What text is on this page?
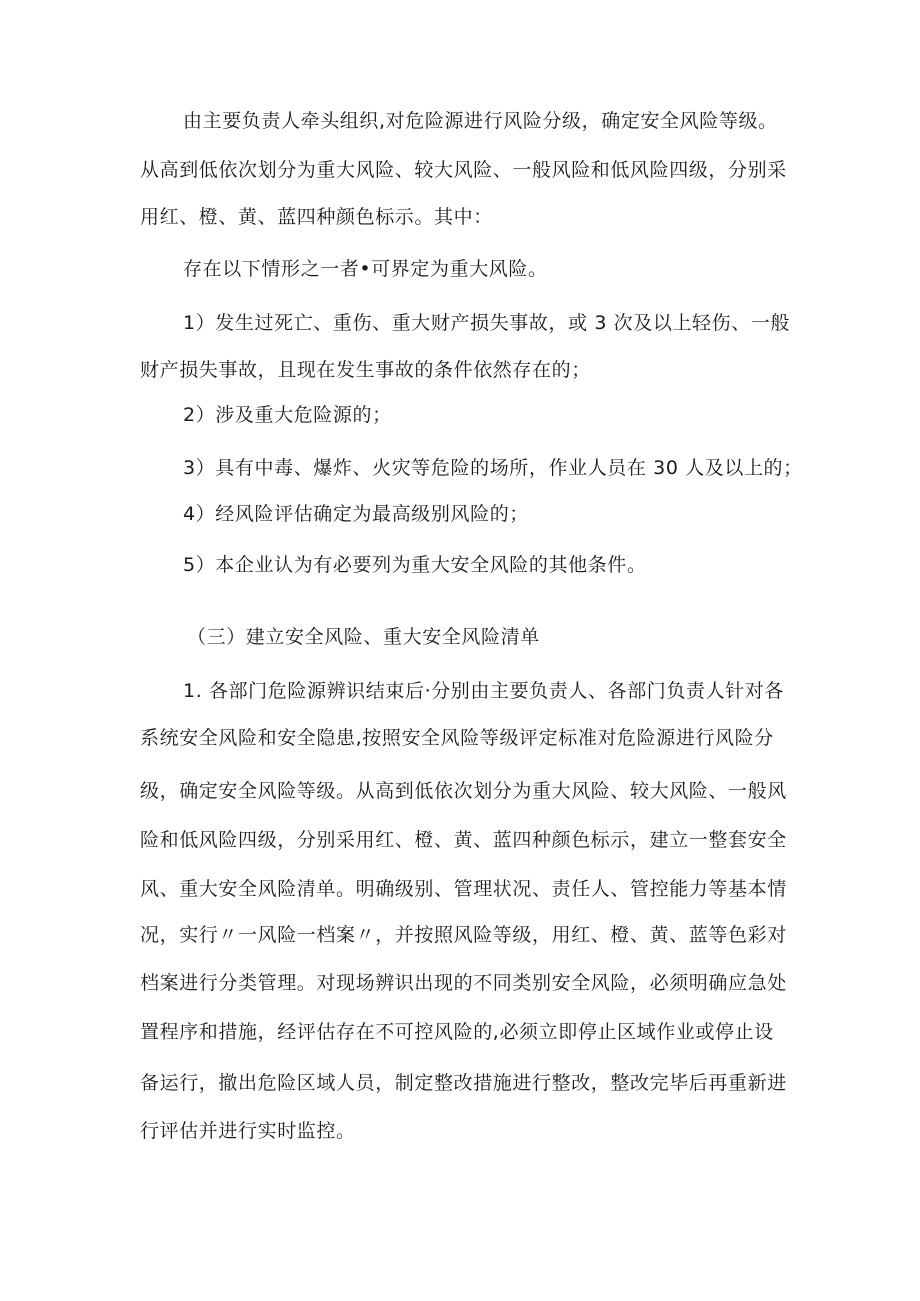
由主要负责人牵头组织,对危险源进行风险分级，确定安全风险等级。
从高到低依次划分为重大风险、较大风险、一般风险和低风险四级，分别采
用红、橙、黄、蓝四种颜色标示。其中：
存在以下情形之一者•可界定为重大风险。
1）发生过死亡、重伤、重大财产损失事故，或 3 次及以上轻伤、一般
财产损失事故，且现在发生事故的条件依然存在的；
2）涉及重大危险源的；
3）具有中毒、爆炸、火灾等危险的场所，作业人员在 30 人及以上的；
4）经风险评估确定为最高级别风险的；
5）本企业认为有必要列为重大安全风险的其他条件。
（三）建立安全风险、重大安全风险清单
1. 各部门危险源辨识结束后·分别由主要负责人、各部门负责人针对各
系统安全风险和安全隐患,按照安全风险等级评定标准对危险源进行风险分
级，确定安全风险等级。从高到低依次划分为重大风险、较大风险、一般风
险和低风险四级，分别采用红、橙、黄、蓝四种颜色标示，建立一整套安全
风、重大安全风险清单。明确级别、管理状况、责任人、管控能力等基本情
况，实行〃一风险一档案〃，并按照风险等级，用红、橙、黄、蓝等色彩对
档案进行分类管理。对现场辨识出现的不同类别安全风险，必须明确应急处
置程序和措施，经评估存在不可控风险的,必须立即停止区域作业或停止设
备运行，撤出危险区域人员，制定整改措施进行整改，整改完毕后再重新进
行评估并进行实时监控。
